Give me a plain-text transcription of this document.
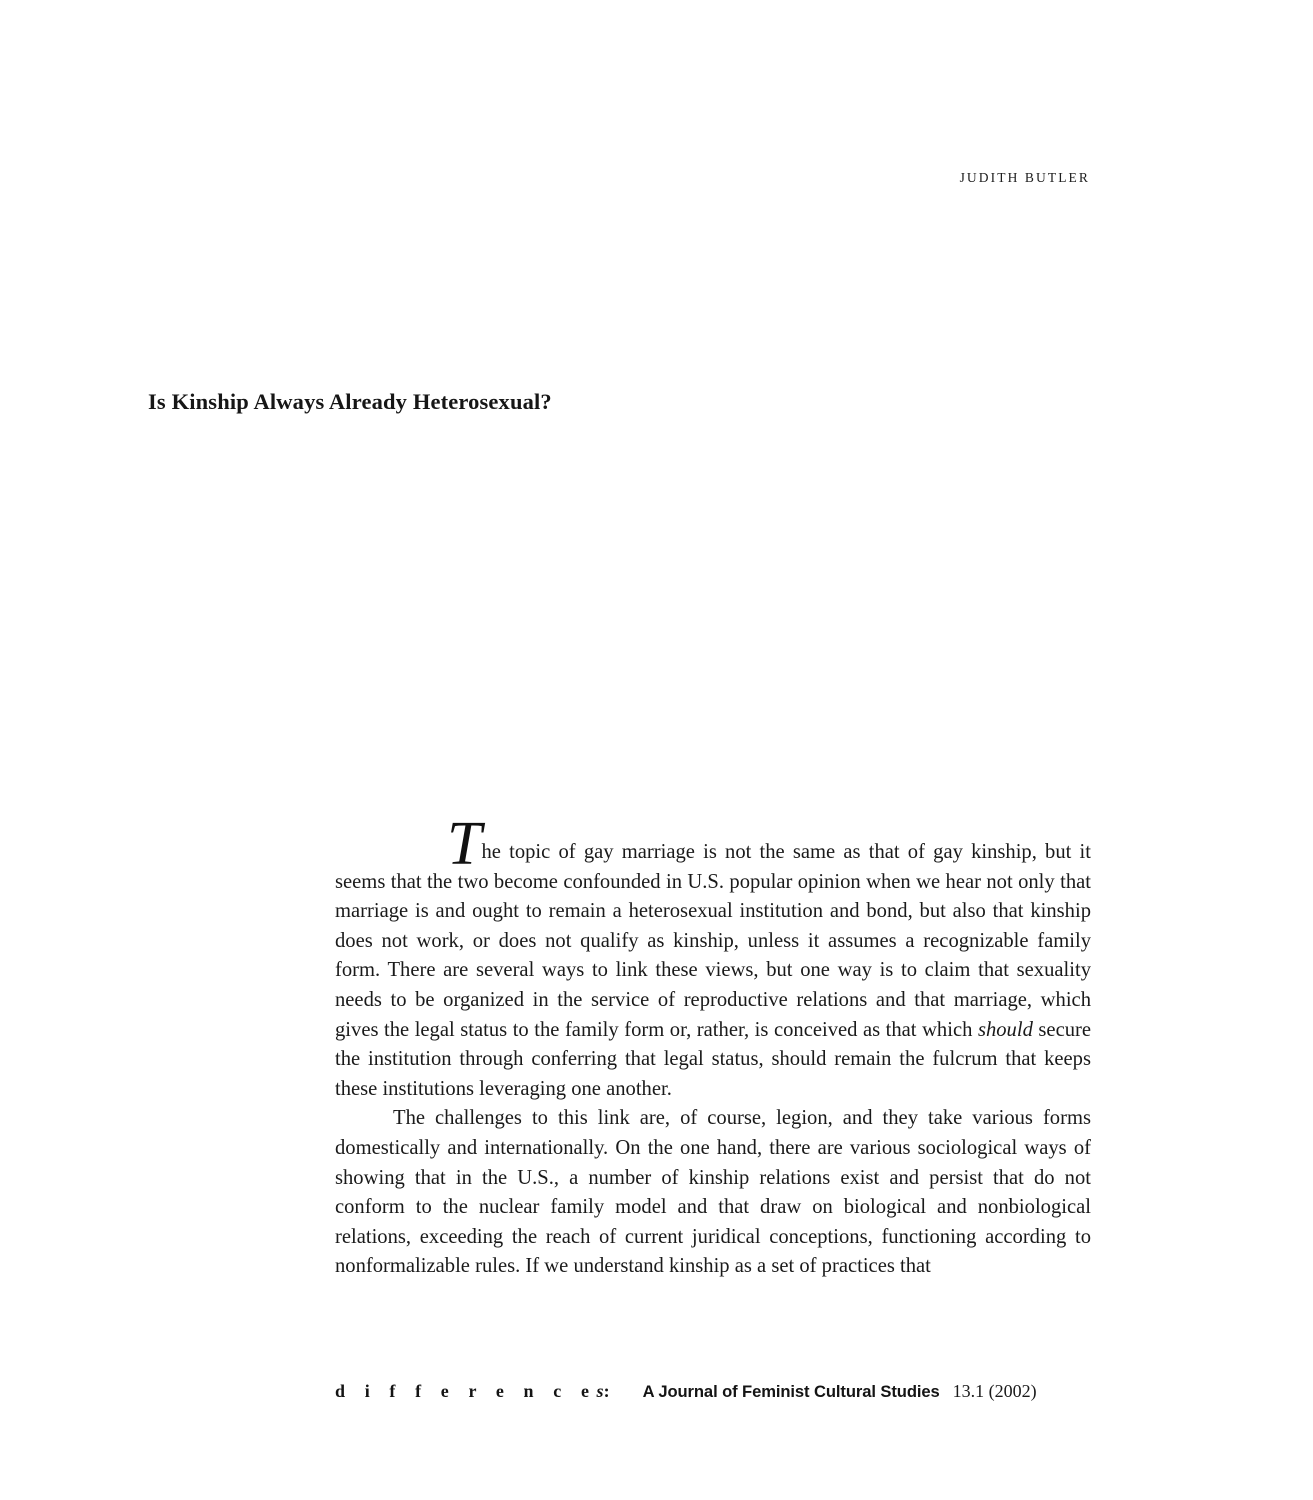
JUDITH BUTLER
Is Kinship Always Already Heterosexual?

The topic of gay marriage is not the same as that of gay kinship, but it seems that the two become confounded in U.S. popular opinion when we hear not only that marriage is and ought to remain a heterosexual institution and bond, but also that kinship does not work, or does not qualify as kinship, unless it assumes a recognizable family form. There are several ways to link these views, but one way is to claim that sexuality needs to be organized in the service of reproductive relations and that marriage, which gives the legal status to the family form or, rather, is conceived as that which should secure the institution through conferring that legal status, should remain the fulcrum that keeps these institutions leveraging one another.

The challenges to this link are, of course, legion, and they take various forms domestically and internationally. On the one hand, there are various sociological ways of showing that in the U.S., a number of kinship relations exist and persist that do not conform to the nuclear family model and that draw on biological and nonbiological relations, exceeding the reach of current juridical conceptions, functioning according to nonformalizable rules. If we understand kinship as a set of practices that

d i f f e r e n c es: A Journal of Feminist Cultural Studies 13.1 (2002)
